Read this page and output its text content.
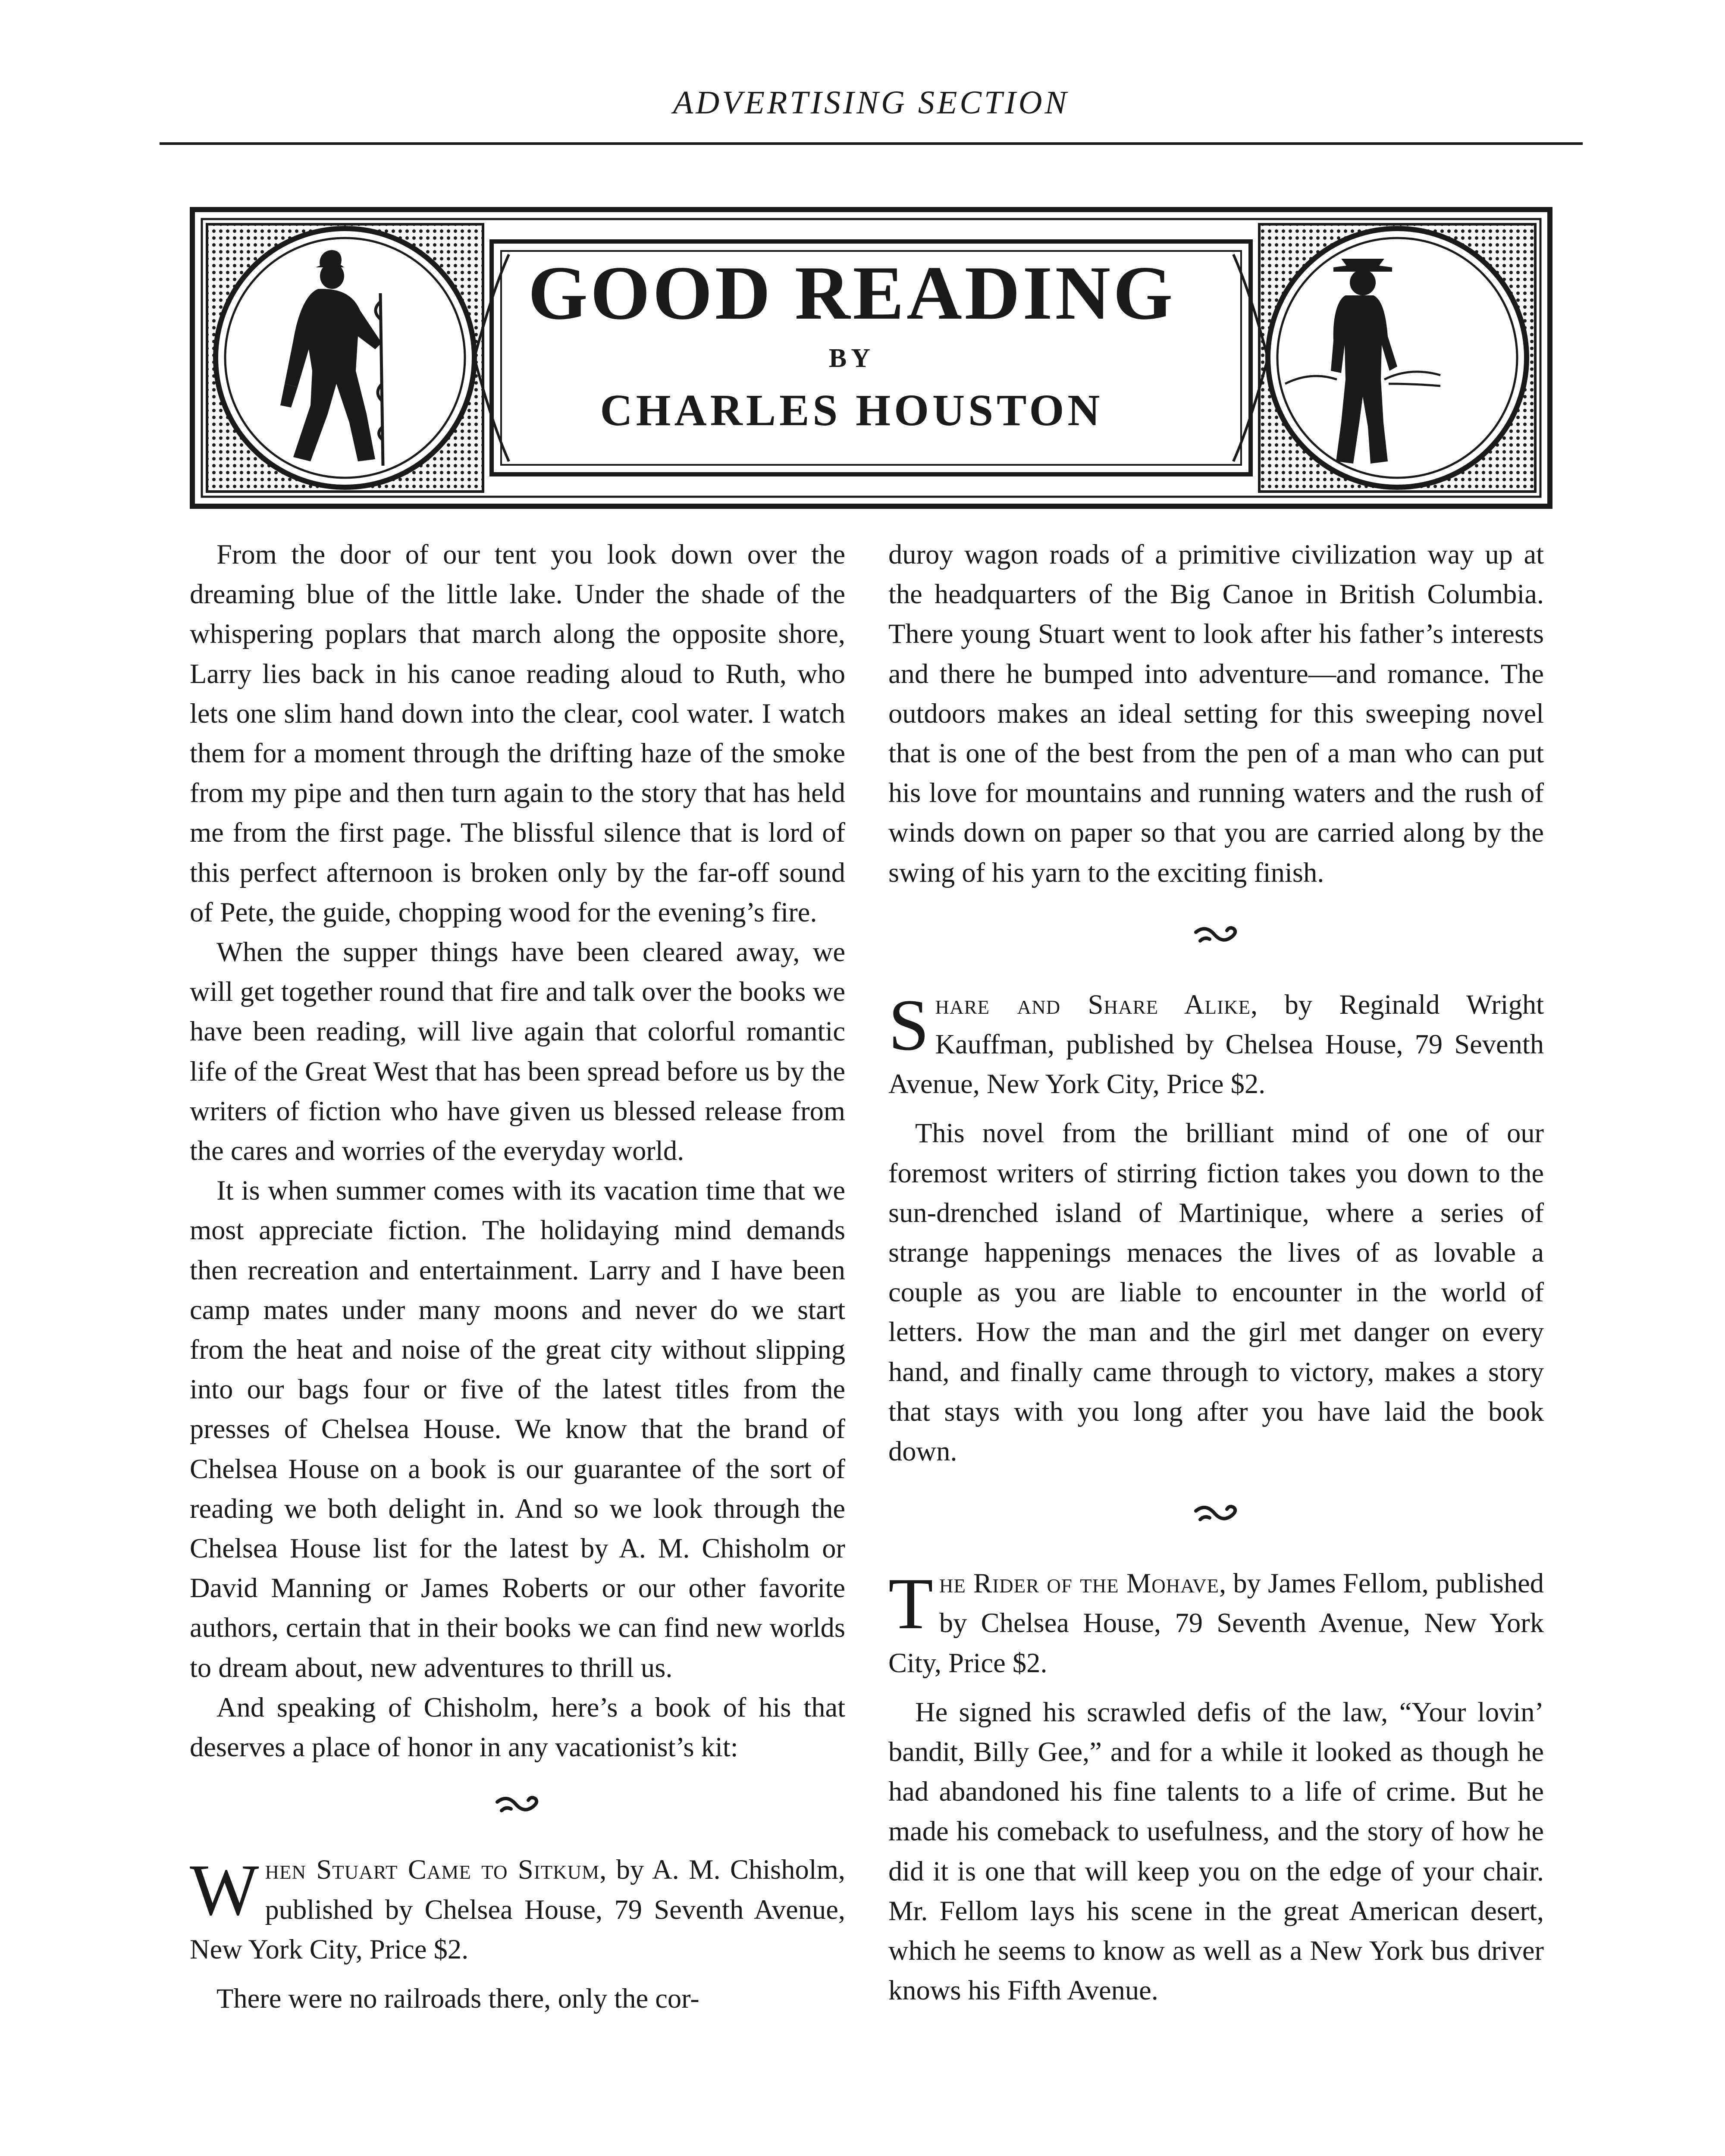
ADVERTISING SECTION
GOOD READING
BY
CHARLES HOUSTON

From the door of our tent you look down over the dreaming blue of the little lake. Under the shade of the whispering poplars that march along the opposite shore, Larry lies back in his canoe reading aloud to Ruth, who lets one slim hand down into the clear, cool water. I watch them for a moment through the drifting haze of the smoke from my pipe and then turn again to the story that has held me from the first page. The blissful silence that is lord of this perfect afternoon is broken only by the far-off sound of Pete, the guide, chopping wood for the evening’s fire.

When the supper things have been cleared away, we will get together round that fire and talk over the books we have been reading, will live again that colorful romantic life of the Great West that has been spread before us by the writers of fiction who have given us blessed release from the cares and worries of the everyday world.

It is when summer comes with its vacation time that we most appreciate fiction. The holidaying mind demands then recreation and entertainment. Larry and I have been camp mates under many moons and never do we start from the heat and noise of the great city without slipping into our bags four or five of the latest titles from the presses of Chelsea House. We know that the brand of Chelsea House on a book is our guarantee of the sort of reading we both delight in. And so we look through the Chelsea House list for the latest by A. M. Chisholm or David Manning or James Roberts or our other favorite authors, certain that in their books we can find new worlds to dream about, new adventures to thrill us.

And speaking of Chisholm, here’s a book of his that deserves a place of honor in any vacationist’s kit:

W hen Stuart Came to Sitkum, by A. M. Chisholm, published by Chelsea House, 79 Seventh Avenue, New York City, Price $2.

There were no railroads there, only the cor-

duroy wagon roads of a primitive civilization way up at the headquarters of the Big Canoe in British Columbia. There young Stuart went to look after his father’s interests and there he bumped into adventure—and romance. The outdoors makes an ideal setting for this sweeping novel that is one of the best from the pen of a man who can put his love for mountains and running waters and the rush of winds down on paper so that you are carried along by the swing of his yarn to the exciting finish.

S hare and Share Alike, by Reginald Wright Kauffman, published by Chelsea House, 79 Seventh Avenue, New York City, Price $2.

This novel from the brilliant mind of one of our foremost writers of stirring fiction takes you down to the sun-drenched island of Martinique, where a series of strange happenings menaces the lives of as lovable a couple as you are liable to encounter in the world of letters. How the man and the girl met danger on every hand, and finally came through to victory, makes a story that stays with you long after you have laid the book down.

T he Rider of the Mohave, by James Fellom, published by Chelsea House, 79 Seventh Avenue, New York City, Price $2.

He signed his scrawled defis of the law, “Your lovin’ bandit, Billy Gee,” and for a while it looked as though he had abandoned his fine talents to a life of crime. But he made his comeback to usefulness, and the story of how he did it is one that will keep you on the edge of your chair. Mr. Fellom lays his scene in the great American desert, which he seems to know as well as a New York bus driver knows his Fifth Avenue.
